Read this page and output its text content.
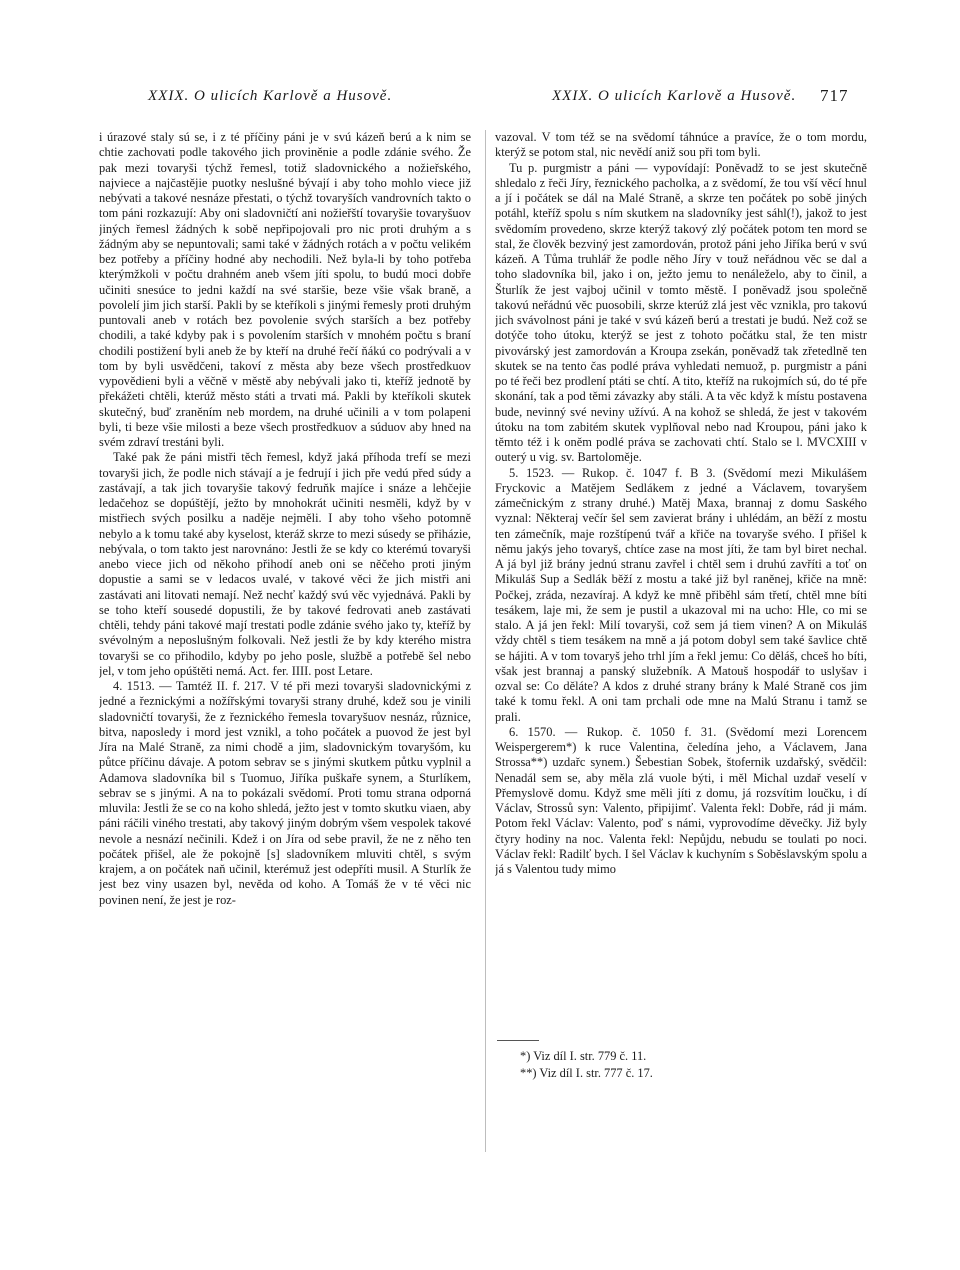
XXIX. O ulicích Karlově a Husově.	XXIX. O ulicích Karlově a Husově. 717

i úrazové staly sú se, i z té příčiny páni je v svú kázeň berú a k nim se chtie zachovati podle takového jich proviněnie a podle zdánie svého. Že pak mezi tovaryši týchž řemesl, totiž sladovnického a nožieřského, najviece a najčastějie puotky neslušné bývají i aby toho mohlo viece již nebývati a takové nesnáze přestati, o týchž tovaryších vandrovních takto o tom páni rozkazují: Aby oni sladovničtí ani nožieřští tovaryšie tovaryšuov jiných řemesl žádných k sobě nepřipojovali pro nic proti druhým a s žádným aby se nepuntovali; sami také v žádných rotách a v počtu velikém bez potřeby a příčiny hodné aby nechodili. Než byla-li by toho potřeba kterýmžkoli v počtu drahném aneb všem jíti spolu, to budú moci dobře učiniti snesúce to jedni každí na své staršie, beze všie však braně, a povolelí jim jich starší. Pakli by se kteříkoli s jinými řemesly proti druhým puntovali aneb v rotách bez povolenie svých starších a bez potřeby chodili, a také kdyby pak i s povolením starších v mnohém počtu s braní chodili postižení byli aneb že by kteří na druhé řečí ňákú co podrývali a v tom by byli usvědčeni, takoví z města aby beze všech prostředkuov vypovědieni byli a věčně v městě aby nebývali jako ti, kteříž jednotě by překážeti chtěli, kterúž město státi a trvati má. Pakli by kteříkoli skutek skutečný, buď zraněním neb mordem, na druhé učinili a v tom polapeni byli, ti beze všie milosti a beze všech prostředkuov a súduov aby hned na svém zdraví trestáni byli.

Také pak že páni mistři těch řemesl, když jaká příhoda trefí se mezi tovaryši jich, že podle nich stávají a je fedrují i jich pře vedú před súdy a zastávají, a tak jich tovaryšie takový fedruňk majíce i snáze a lehčejie ledačehoz se dopúštějí, ježto by mnohokrát učiniti nesměli, když by v mistřiech svých posilku a naděje nejměli. I aby toho všeho potomně nebylo a k tomu také aby kyselost, kteráž skrze to mezi súsedy se přiházie, nebývala, o tom takto jest narovnáno: Jestli že se kdy co kterémú tovaryši anebo viece jich od někoho přihodí aneb oni se něčeho proti jiným dopustie a sami se v ledacos uvalé, v takové věci že jich mistři ani zastávati ani litovati nemají. Než nechť každý svú věc vyjednává. Pakli by se toho kteří sousedé dopustili, že by takové fedrovati aneb zastávati chtěli, tehdy páni takové mají trestati podle zdánie svého jako ty, kteříž by svévolným a neposlušným folkovali. Než jestli že by kdy kterého mistra tovaryši se co přihodilo, kdyby po jeho posle, službě a potřebě šel nebo jel, v tom jeho opúštěti nemá. Act. fer. IIII. post Letare.

4. 1513. — Tamtéž II. f. 217. V té při mezi tovaryši sladovnickými z jedné a řeznickými a nožířskými tovaryši strany druhé, kdež sou je vinili sladovničtí tovaryši, že z řeznického řemesla tovaryšuov nesnáz, různice, bitva, naposledy i mord jest vznikl, a toho počátek a puovod že jest byl Jíra na Malé Straně, za nimi chodě a jim, sladovnickým tovaryšóm, ku půtce příčinu dávaje. A potom sebrav se s jinými skutkem půtku vyplnil a Adamova sladovníka bil s Tuomuo, Jiříka puškaře synem, a Sturlíkem, sebrav se s jinými. A na to pokázali svědomí. Proti tomu strana odporná mluvila: Jestli že se co na koho shledá, ježto jest v tomto skutku viaen, aby páni ráčili viného trestati, aby takový jiným dobrým všem vespolek takové nevole a nesnází nečinili. Kdež i on Jíra od sebe pravil, že ne z něho ten počátek přišel, ale že pokojně [s] sladovníkem mluviti chtěl, s svým krajem, a on počátek naň učinil, kterémuž jest odepříti musil. A Sturlík že jest bez viny usazen byl, nevěda od koho. A Tomáš že v té věci nic povinen není, že jest je roz-

vazoval. V tom též se na svědomí táhnúce a pravíce, že o tom mordu, kterýž se potom stal, nic nevědí aniž sou při tom byli.

Tu p. purgmistr a páni — vypovídají: Poněvadž to se jest skutečně shledalo z řeči Jíry, řeznického pacholka, a z svědomí, že tou vší věcí hnul a jí i počátek se dál na Malé Straně, a skrze ten počátek po sobě jiných potáhl, kteříž spolu s ním skutkem na sladovníky jest sáhl(!), jakož to jest svědomím provedeno, skrze kterýž takový zlý počátek potom ten mord se stal, že člověk bezviný jest zamordován, protož páni jeho Jiříka berú v svú kázeň. A Tůma truhlář že podle něho Jíry v touž neřádnou věc se dal a toho sladovníka bil, jako i on, ježto jemu to nenáleželo, aby to činil, a Šturlík že jest vajboj učinil v tomto městě. I poněvadž jsou společně takovú neřádnú věc puosobili, skrze kterúž zlá jest věc vznikla, pro takovú jich svávolnost páni je také v svú kázeň berú a trestati je budú. Než což se dotýče toho útoku, kterýž se jest z tohoto počátku stal, že ten mistr pivovárský jest zamordován a Kroupa zsekán, poněvadž tak zřetedlně ten skutek se na tento čas podlé práva vyhledati nemuož, p. purgmistr a páni po té řeči bez prodlení ptáti se chtí. A tito, kteříž na rukojmích sú, do té pře skonání, tak a pod těmi závazky aby stáli. A ta věc když k místu postavena bude, nevinný své neviny užívú. A na kohož se shledá, že jest v takovém útoku na tom zabitém skutek vyplňoval nebo nad Kroupou, páni jako k těmto též i k oněm podlé práva se zachovati chtí. Stalo se l. MVCXIII v outerý u vig. sv. Bartoloměje.

5. 1523. — Rukop. č. 1047 f. B 3. (Svědomí mezi Mikulášem Fryckovic a Matějem Sedlákem z jedné a Václavem, tovaryšem zámečnickým z strany druhé.) Matěj Maxa, brannaj z domu Saského vyznal: Některaj večír šel sem zavierat brány i uhlédám, an běží z mostu ten zámečník, maje rozštípenú tvář a křiče na tovaryše svého. I přišel k němu jakýs jeho tovaryš, chtíce zase na most jíti, že tam byl biret nechal. A já byl již brány jednú stranu zavřel i chtěl sem i druhú zavříti a toť on Mikuláš Sup a Sedlák běží z mostu a také již byl raněnej, křiče na mně: Počkej, zráda, nezavíraj. A když ke mně přiběhl sám třetí, chtěl mne bíti tesákem, laje mi, že sem je pustil a ukazoval mi na ucho: Hle, co mi se stalo. A já jen řekl: Milí tovaryši, což sem já tiem vinen? A on Mikuláš vždy chtěl s tiem tesákem na mně a já potom dobyl sem také šavlice chtě se hájiti. A v tom tovaryš jeho trhl jím a řekl jemu: Co děláš, chceš ho bíti, však jest brannaj a panský služebník. A Matouš hospodář to uslyšav i ozval se: Co děláte? A kdos z druhé strany brány k Malé Straně cos jim také k tomu řekl. A oni tam prchali ode mne na Malú Stranu i tamž se prali.

6. 1570. — Rukop. č. 1050 f. 31. (Svědomí mezi Lorencem Weispergerem*) k ruce Valentina, čeledína jeho, a Václavem, Jana Strossa**) uzdařc synem.) Šebestian Sobek, štofernik uzdařský, svědčil: Nenadál sem se, aby měla zlá vuole býti, i měl Michal uzdař veselí v Přemyslově domu. Když sme měli jíti z domu, já rozsvítim loučku, i dí Václav, Strossů syn: Valento, připijimť. Valenta řekl: Dobře, rád ji mám. Potom řekl Václav: Valento, poď s námi, vyprovodíme děvečky. Již byly čtyry hodiny na noc. Valenta řekl: Nepůjdu, nebudu se toulati po noci. Václav řekl: Radilť bych. I šel Václav k kuchyním s Soběslavským spolu a já s Valentou tudy mimo

*) Viz díl I. str. 779 č. 11.
**) Viz díl I. str. 777 č. 17.
